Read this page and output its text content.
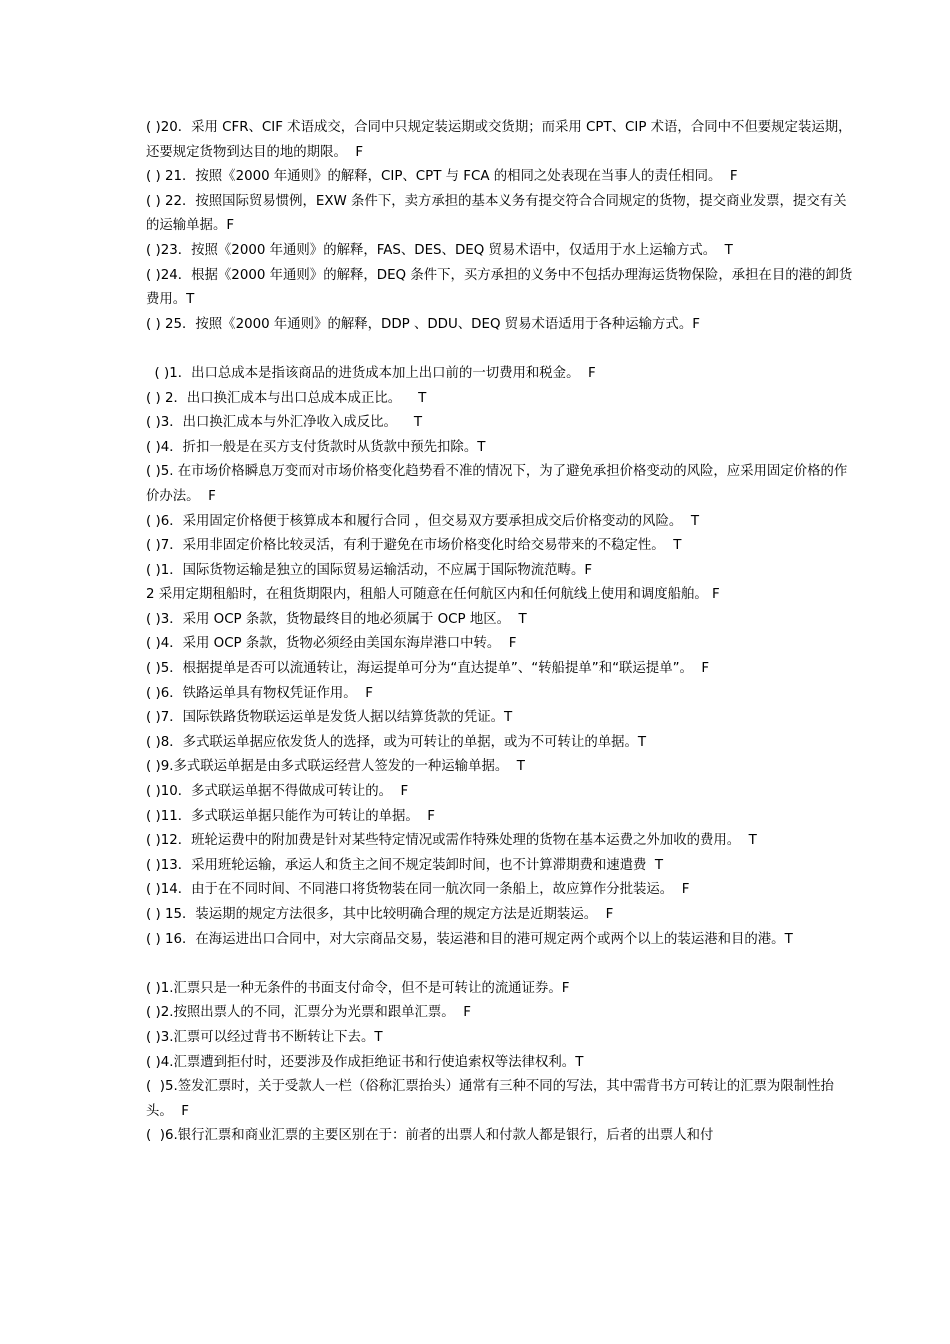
( )20．采用 CFR、CIF 术语成交，合同中只规定装运期或交货期；而采用 CPT、CIP 术语，合同中不但要规定装运期，还要规定货物到达目的地的期限。  F

( ) 21．按照《2000 年通则》的解释，CIP、CPT 与 FCA 的相同之处表现在当事人的责任相同。  F

( ) 22．按照国际贸易惯例，EXW 条件下，卖方承担的基本义务有提交符合合同规定的货物，提交商业发票，提交有关的运输单据。F

( )23．按照《2000 年通则》的解释，FAS、DES、DEQ 贸易术语中，仅适用于水上运输方式。  T

( )24．根据《2000 年通则》的解释，DEQ 条件下，买方承担的义务中不包括办理海运货物保险，承担在目的港的卸货费用。T

( ) 25．按照《2000 年通则》的解释，DDP 、DDU、DEQ 贸易术语适用于各种运输方式。F

( )1．出口总成本是指该商品的进货成本加上出口前的一切费用和税金。  F

( ) 2．出口换汇成本与出口总成本成正比。    T

( )3．出口换汇成本与外汇净收入成反比。    T

( )4．折扣一般是在买方支付货款时从货款中预先扣除。T

( )5. 在市场价格瞬息万变而对市场价格变化趋势看不准的情况下，为了避免承担价格变动的风险，应采用固定价格的作价办法。  F

( )6．采用固定价格便于核算成本和履行合同 ，但交易双方要承担成交后价格变动的风险。  T

( )7．采用非固定价格比较灵活，有利于避免在市场价格变化时给交易带来的不稳定性。  T

( )1．国际货物运输是独立的国际贸易运输活动，不应属于国际物流范畴。F

2 采用定期租船时，在租货期限内，租船人可随意在任何航区内和任何航线上使用和调度船舶。 F

( )3．采用 OCP 条款，货物最终目的地必须属于 OCP 地区。  T

( )4．采用 OCP 条款，货物必须经由美国东海岸港口中转。  F

( )5．根据提单是否可以流通转让，海运提单可分为“直达提单”、“转船提单”和“联运提单”。  F

( )6．铁路运单具有物权凭证作用。  F

( )7．国际铁路货物联运运单是发货人据以结算货款的凭证。T

( )8．多式联运单据应依发货人的选择，或为可转让的单据，或为不可转让的单据。T

( )9.多式联运单据是由多式联运经营人签发的一种运输单据。  T

( )10．多式联运单据不得做成可转让的。  F

( )11．多式联运单据只能作为可转让的单据。  F

( )12．班轮运费中的附加费是针对某些特定情况或需作特殊处理的货物在基本运费之外加收的费用。  T

( )13．采用班轮运输，承运人和货主之间不规定装卸时间，也不计算滞期费和速遣费  T

( )14．由于在不同时间、不同港口将货物装在同一航次同一条船上，故应算作分批装运。  F

( ) 15．装运期的规定方法很多，其中比较明确合理的规定方法是近期装运。  F

( ) 16．在海运进出口合同中，对大宗商品交易，装运港和目的港可规定两个或两个以上的装运港和目的港。T

( )1.汇票只是一种无条件的书面支付命令，但不是可转让的流通证券。F

( )2.按照出票人的不同，汇票分为光票和跟单汇票。  F

( )3.汇票可以经过背书不断转让下去。T

( )4.汇票遭到拒付时，还要涉及作成拒绝证书和行使追索权等法律权利。T

(  )5.签发汇票时，关于受款人一栏（俗称汇票抬头）通常有三种不同的写法，其中需背书方可转让的汇票为限制性抬头。  F

(  )6.银行汇票和商业汇票的主要区别在于：前者的出票人和付款人都是银行，后者的出票人和付
